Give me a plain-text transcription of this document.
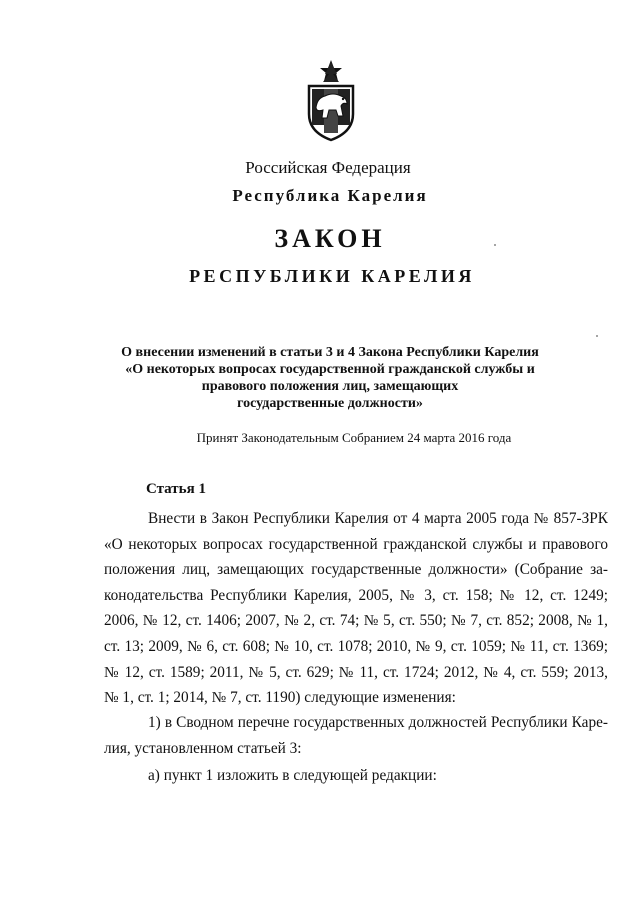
Российская Федерация
Республика Карелия
ЗАКОН
РЕСПУБЛИКИ КАРЕЛИЯ
О внесении изменений в статьи 3 и 4 Закона Республики Карелия
«О некоторых вопросах государственной гражданской службы и
правового положения лиц, замещающих
государственные должности»
Принят Законодательным Собранием 24 марта 2016 года
Статья 1
Внести в Закон Республики Карелия от 4 марта 2005 года № 857-ЗРК
«О некоторых вопросах государственной гражданской службы и правового
положения лиц, замещающих государственные должности» (Собрание за-
конодательства Республики Карелия, 2005, № 3, ст. 158; № 12, ст. 1249;
2006, № 12, ст. 1406; 2007, № 2, ст. 74; № 5, ст. 550; № 7, ст. 852; 2008, № 1,
ст. 13; 2009, № 6, ст. 608; № 10, ст. 1078; 2010, № 9, ст. 1059; № 11, ст. 1369;
№ 12, ст. 1589; 2011, № 5, ст. 629; № 11, ст. 1724; 2012, № 4, ст. 559; 2013,
№ 1, ст. 1; 2014, № 7, ст. 1190) следующие изменения:
1) в Сводном перечне государственных должностей Республики Каре-
лия, установленном статьей 3:
а) пункт 1 изложить в следующей редакции:
